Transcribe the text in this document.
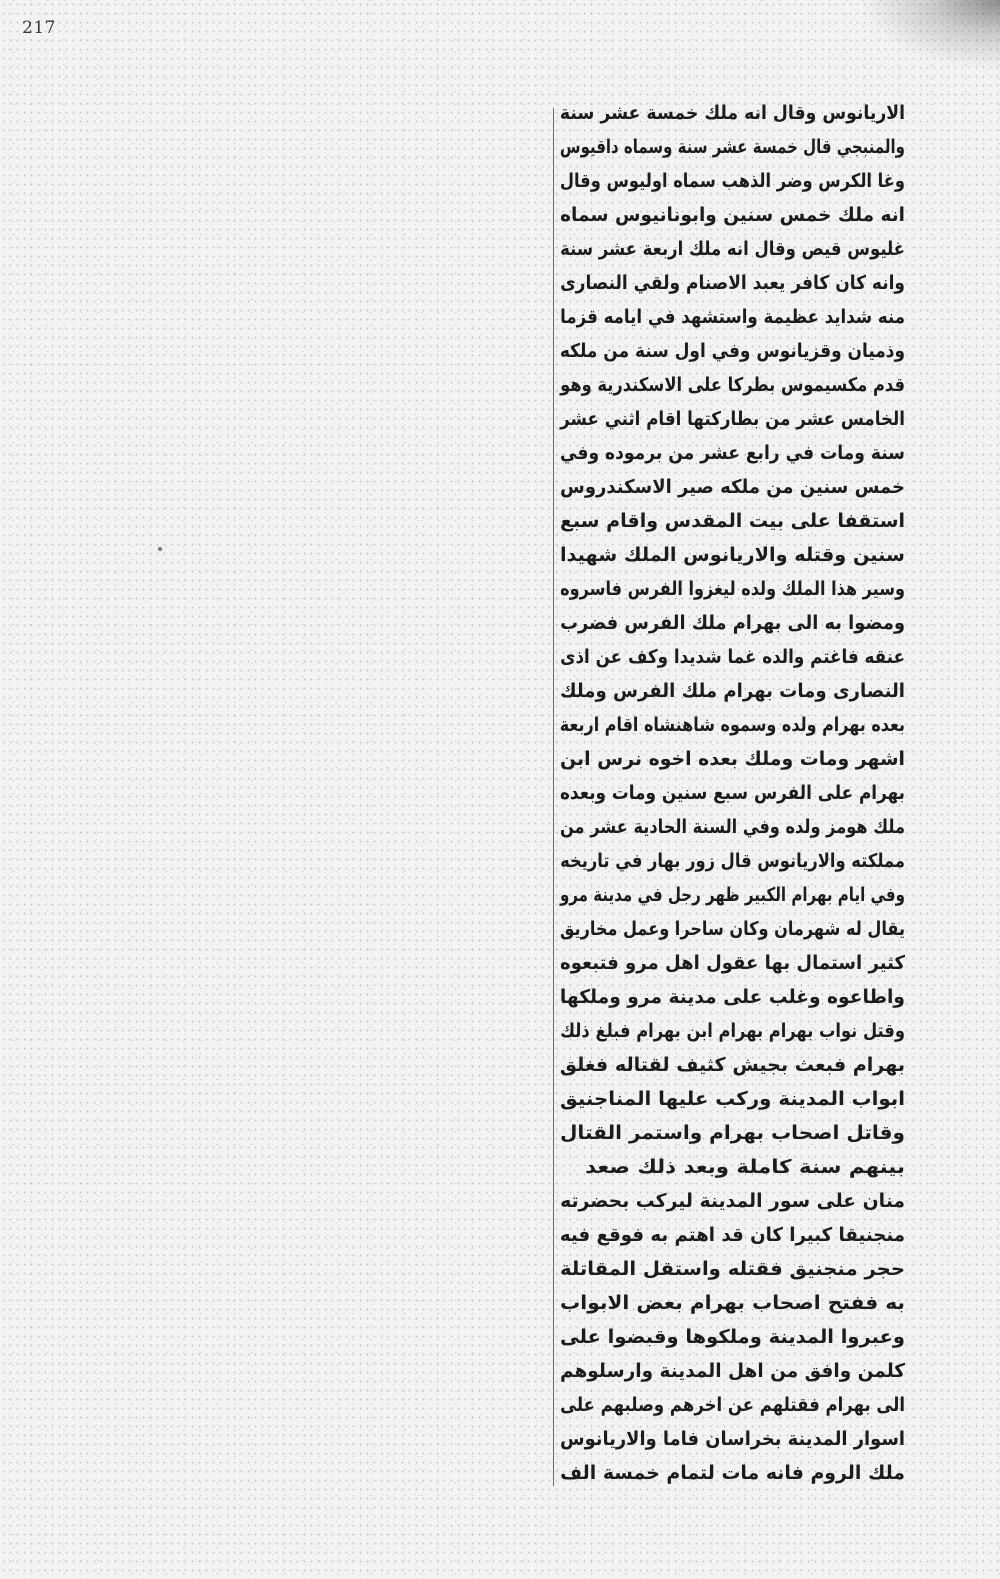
217
الاريانوس وقال انه ملك خمسة عشر سنة
والمنبجي قال خمسة عشر سنة وسماه داقيوس
وغا الكرس وضر الذهب سماه اوليوس وقال
انه ملك خمس سنين وابونانيوس سماه
غليوس قيص وقال انه ملك اربعة عشر سنة
وانه كان كافر يعبد الاصنام ولقي النصارى
منه شدايد عظيمة واستشهد في ايامه قزما
وذميان وقزيانوس وفي اول سنة من ملكه
قدم مكسيموس بطركا على الاسكندرية وهو
الخامس عشر من بطاركتها اقام اثني عشر
سنة ومات في رابع عشر من برموده وفي
خمس سنين من ملكه صير الاسكندروس
استقفا على بيت المقدس واقام سبع
سنين وقتله والاريانوس الملك شهيدا
وسير هذا الملك ولده ليغزوا الفرس فاسروه
ومضوا به الى بهرام ملك الفرس فضرب
عنقه فاغتم والده غما شديدا وكف عن اذى
النصارى ومات بهرام ملك الفرس وملك
بعده بهرام ولده وسموه شاهنشاه اقام اربعة
اشهر ومات وملك بعده اخوه نرس ابن
بهرام على الفرس سبع سنين ومات وبعده
ملك هومز ولده وفي السنة الحادية عشر من
مملكته والاريانوس قال زور بهار في تاريخه
وفي ايام بهرام الكبير ظهر رجل في مدينة مرو
يقال له شهرمان وكان ساحرا وعمل مخاريق
كثير استمال بها عقول اهل مرو فتبعوه
واطاعوه وغلب على مدينة مرو وملكها
وقتل نواب بهرام بهرام ابن بهرام فبلغ ذلك
بهرام فبعث بجيش كثيف لقتاله فغلق
ابواب المدينة وركب عليها المناجنيق
وقاتل اصحاب بهرام واستمر القتال
بينهم سنة كاملة وبعد ذلك صعد
منان على سور المدينة ليركب بحضرته
منجنيقا كبيرا كان قد اهتم به فوقع فيه
حجر منجنيق فقتله واستقل المقاتلة
به ففتح اصحاب بهرام بعض الابواب
وعبروا المدينة وملكوها وقبضوا على
كلمن وافق من اهل المدينة وارسلوهم
الى بهرام فقتلهم عن اخرهم وصلبهم على
اسوار المدينة بخراسان فاما والاريانوس
ملك الروم فانه مات لتمام خمسة الف
